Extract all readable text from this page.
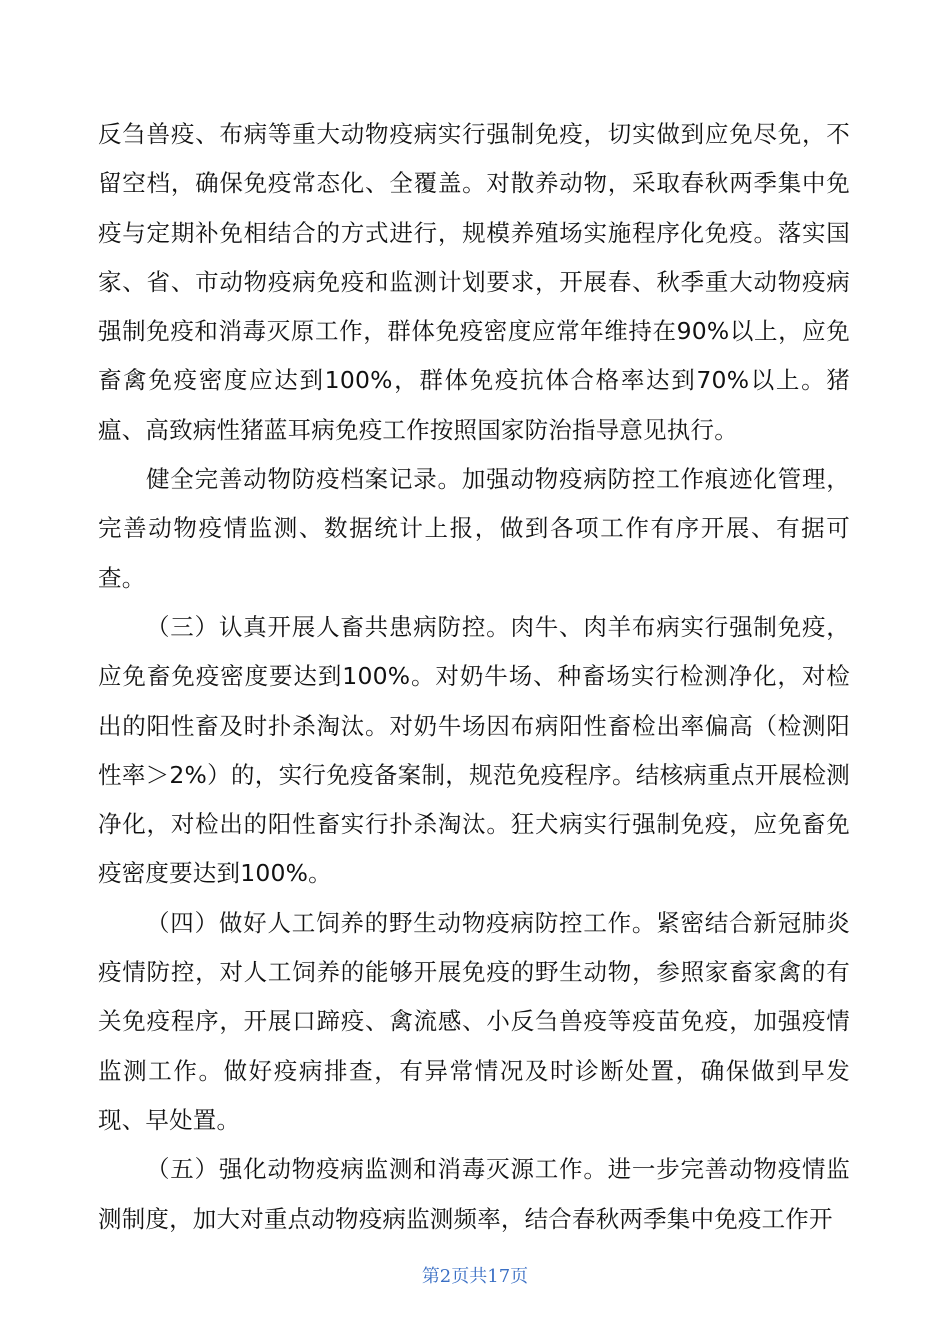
反刍兽疫、布病等重大动物疫病实行强制免疫，切实做到应免尽免，不留空档，确保免疫常态化、全覆盖。对散养动物，采取春秋两季集中免疫与定期补免相结合的方式进行，规模养殖场实施程序化免疫。落实国家、省、市动物疫病免疫和监测计划要求，开展春、秋季重大动物疫病强制免疫和消毒灭原工作，群体免疫密度应常年维持在90%以上，应免畜禽免疫密度应达到100%，群体免疫抗体合格率达到70%以上。猪瘟、高致病性猪蓝耳病免疫工作按照国家防治指导意见执行。

健全完善动物防疫档案记录。加强动物疫病防控工作痕迹化管理，完善动物疫情监测、数据统计上报，做到各项工作有序开展、有据可查。

（三）认真开展人畜共患病防控。肉牛、肉羊布病实行强制免疫，应免畜免疫密度要达到100%。对奶牛场、种畜场实行检测净化，对检出的阳性畜及时扑杀淘汰。对奶牛场因布病阳性畜检出率偏高（检测阳性率＞2%）的，实行免疫备案制，规范免疫程序。结核病重点开展检测净化，对检出的阳性畜实行扑杀淘汰。狂犬病实行强制免疫，应免畜免疫密度要达到100%。

（四）做好人工饲养的野生动物疫病防控工作。紧密结合新冠肺炎疫情防控，对人工饲养的能够开展免疫的野生动物，参照家畜家禽的有关免疫程序，开展口蹄疫、禽流感、小反刍兽疫等疫苗免疫，加强疫情监测工作。做好疫病排查，有异常情况及时诊断处置，确保做到早发现、早处置。

（五）强化动物疫病监测和消毒灭源工作。进一步完善动物疫情监测制度，加大对重点动物疫病监测频率，结合春秋两季集中免疫工作开

第2页共17页
